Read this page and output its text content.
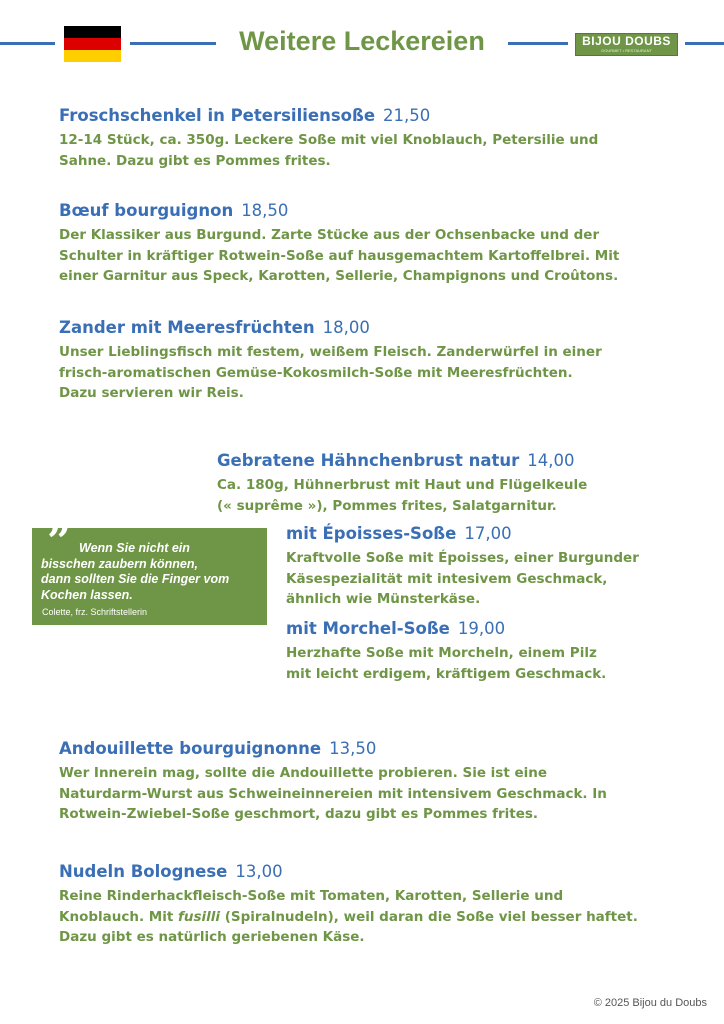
Weitere Leckereien	BIJOU DOUBS
GOURMET • RESTAURANT
Froschschenkel in Petersiliensoße 21,50
12-14 Stück, ca. 350g. Leckere Soße mit viel Knoblauch, Petersilie und
Sahne. Dazu gibt es Pommes frites.
Bœuf bourguignon 18,50
Der Klassiker aus Burgund. Zarte Stücke aus der Ochsenbacke und der
Schulter in kräftiger Rotwein-Soße auf hausgemachtem Kartoffelbrei. Mit
einer Garnitur aus Speck, Karotten, Sellerie, Champignons und Croûtons.
Zander mit Meeresfrüchten 18,00
Unser Lieblingsfisch mit festem, weißem Fleisch. Zanderwürfel in einer
frisch-aromatischen Gemüse-Kokosmilch-Soße mit Meeresfrüchten.
Dazu servieren wir Reis.
Gebratene Hähnchenbrust natur 14,00
Ca. 180g, Hühnerbrust mit Haut und Flügelkeule
(« suprême »), Pommes frites, Salatgarnitur.
mit Époisses-Soße 17,00
Kraftvolle Soße mit Époisses, einer Burgunder
Käsespezialität mit intesivem Geschmack,
ähnlich wie Münsterkäse.
mit Morchel-Soße 19,00
Herzhafte Soße mit Morcheln, einem Pilz
mit leicht erdigem, kräftigem Geschmack.
Andouillette bourguignonne 13,50
Wer Innerein mag, sollte die Andouillette probieren. Sie ist eine
Naturdarm-Wurst aus Schweineinnereien mit intensivem Geschmack. In
Rotwein-Zwiebel-Soße geschmort, dazu gibt es Pommes frites.
Nudeln Bolognese 13,00
Reine Rinderhackfleisch-Soße mit Tomaten, Karotten, Sellerie und
Knoblauch. Mit fusilli (Spiralnudeln), weil daran die Soße viel besser haftet.
Dazu gibt es natürlich geriebenen Käse.
” Wenn Sie nicht ein
bisschen zaubern können,
dann sollten Sie die Finger vom
Kochen lassen.
Colette, frz. Schriftstellerin “
© 2025 Bijou du Doubs
